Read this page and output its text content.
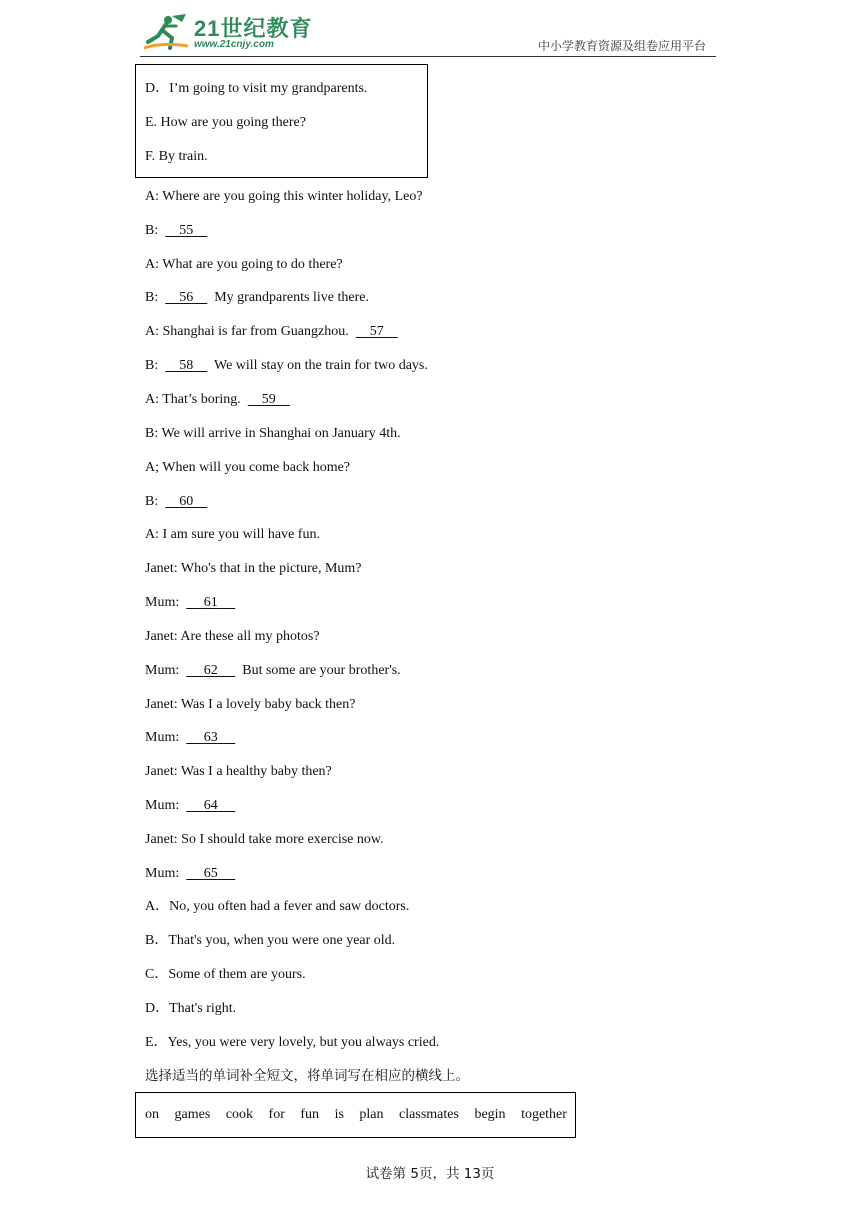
21世纪教育
www.21cnjy.com	中小学教育资源及组卷应用平台
D．I’m going to visit my grandparents.
E. How are you going there?
F. By train.
A: Where are you going this winter holiday, Leo?
B: 55
A: What are you going to do there?
B: 56 My grandparents live there.
A: Shanghai is far from Guangzhou. 57
B: 58 We will stay on the train for two days.
A: That’s boring. 59
B: We will arrive in Shanghai on January 4th.
A; When will you come back home?
B: 60
A: I am sure you will have fun.
Janet: Who's that in the picture, Mum?
Mum: 61
Janet: Are these all my photos?
Mum: 62 But some are your brother's.
Janet: Was I a lovely baby back then?
Mum: 63
Janet: Was I a healthy baby then?
Mum: 64
Janet: So I should take more exercise now.
Mum: 65
A．No, you often had a fever and saw doctors.
B．That's you, when you were one year old.
C．Some of them are yours.
D．That's right.
E．Yes, you were very lovely, but you always cried.
选择适当的单词补全短文，将单词写在相应的横线上。
on games cook for fun is plan classmates begin together
试卷第 5页，共 13页
